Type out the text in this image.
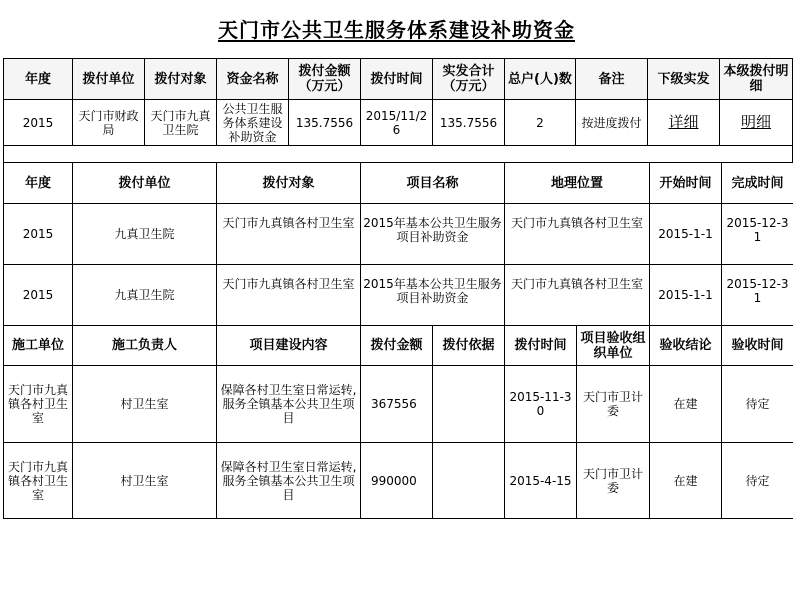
天门市公共卫生服务体系建设补助资金
年度	拨付单位	拨付对象	资金名称	拨付金额（万元）	拨付时间	实发合计（万元）	总户(人)数	备注	下级实发	本级拨付明细
2015	天门市财政局	天门市九真卫生院	公共卫生服务体系建设补助资金	135.7556	2015/11/26	135.7556	2	按进度拨付	详细	明细
年度	拨付单位	拨付对象	项目名称	地理位置	开始时间	完成时间
2015	九真卫生院	天门市九真镇各村卫生室	2015年基本公共卫生服务项目补助资金	天门市九真镇各村卫生室	2015-1-1	2015-12-31
2015	九真卫生院	天门市九真镇各村卫生室	2015年基本公共卫生服务项目补助资金	天门市九真镇各村卫生室	2015-1-1	2015-12-31
施工单位	施工负责人	项目建设内容	拨付金额	拨付依据	拨付时间	项目验收组织单位	验收结论	验收时间
天门市九真镇各村卫生室	村卫生室	保障各村卫生室日常运转,服务全镇基本公共卫生项目	367556		2015-11-30	天门市卫计委	在建	待定
天门市九真镇各村卫生室	村卫生室	保障各村卫生室日常运转,服务全镇基本公共卫生项目	990000		2015-4-15	天门市卫计委	在建	待定
